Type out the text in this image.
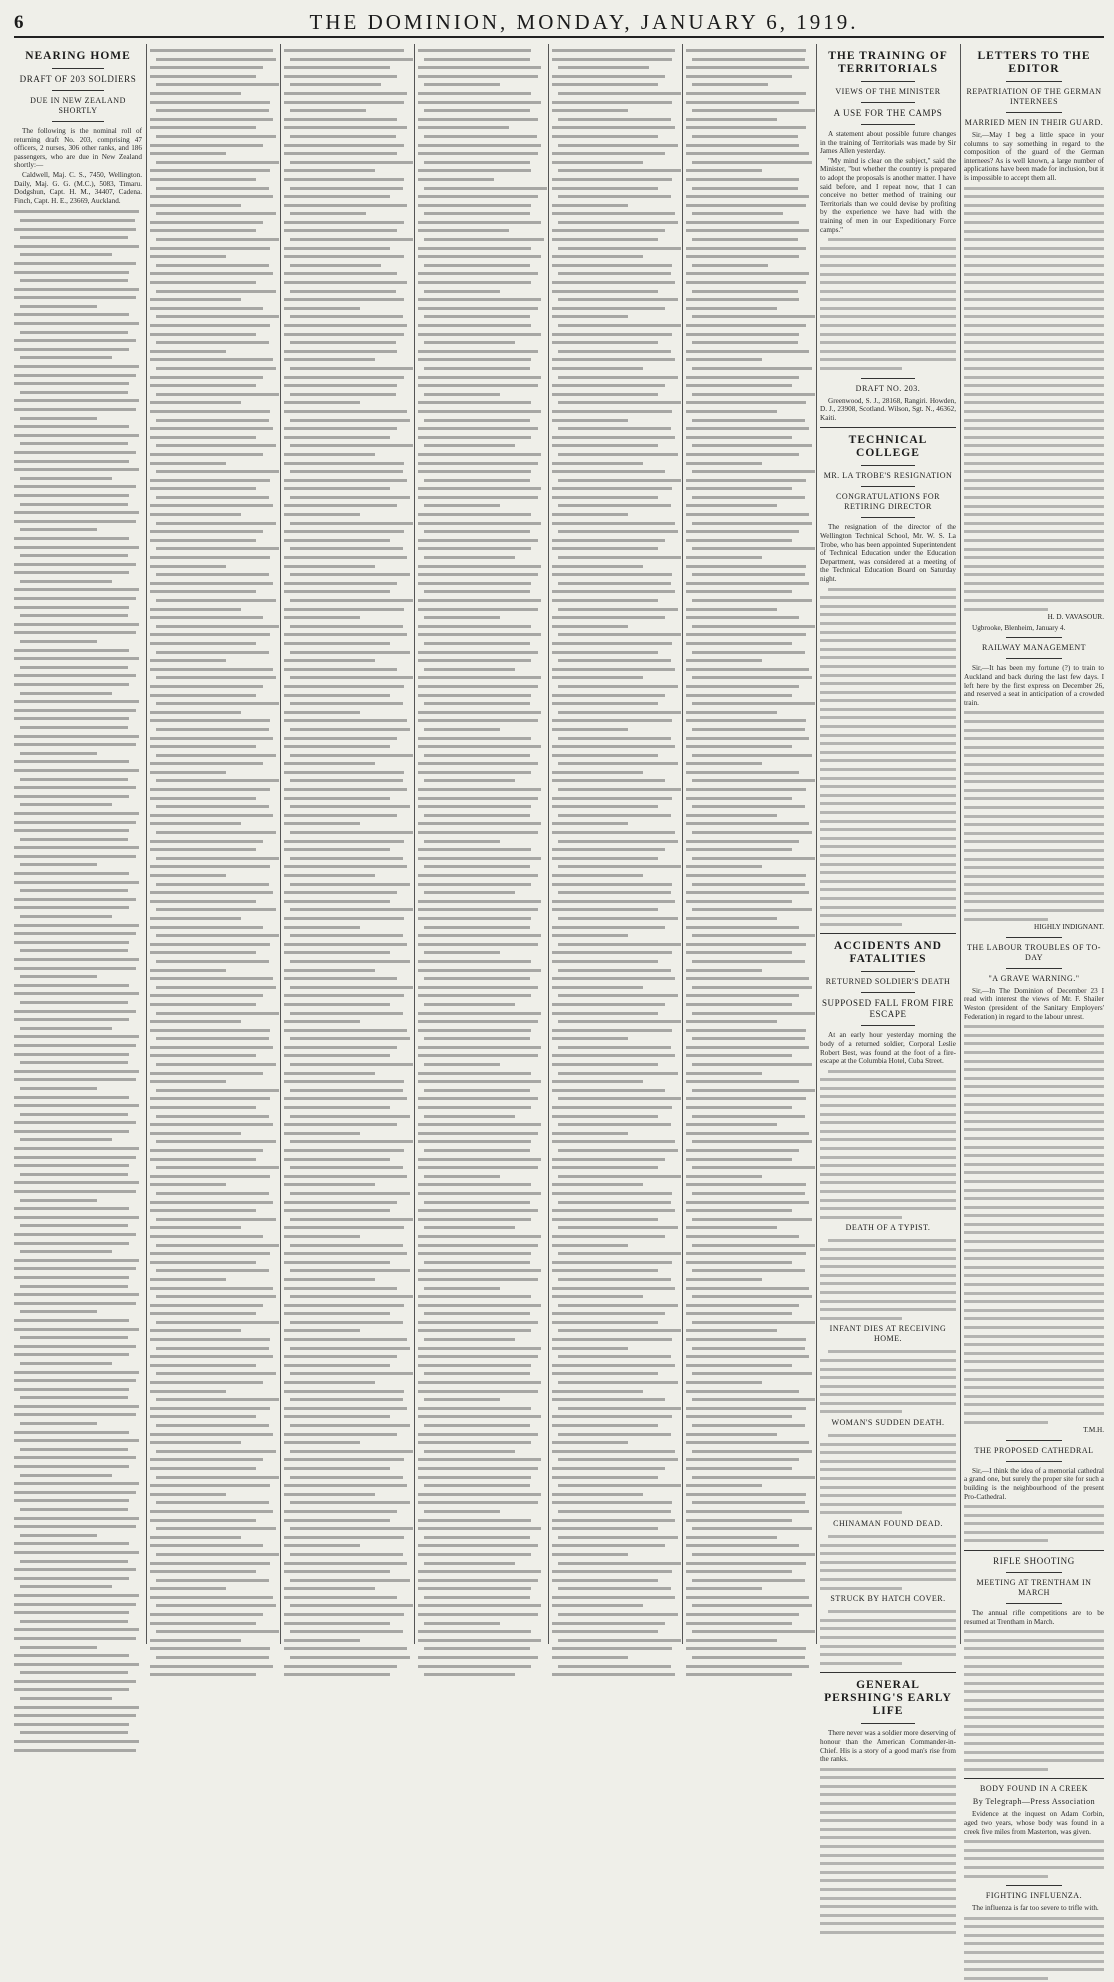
6	THE DOMINION, MONDAY, JANUARY 6, 1919.
NEARING HOME
DRAFT OF 203 SOLDIERS
DUE IN NEW ZEALAND SHORTLY
The following is the nominal roll of returning draft No. 203, comprising 47 officers, 2 nurses, 306 other ranks, and 186 passengers, who are due in New Zealand shortly:—
Caldwell, Maj. C. S., 7450, Wellington. Daily, Maj. G. G. (M.C.), 5083, Timaru. Dodgshun, Capt. H. M., 34407, Cadena. Finch, Capt. H. E., 23669, Auckland.
THE TRAINING OF TERRITORIALS
VIEWS OF THE MINISTER
A USE FOR THE CAMPS
A statement about possible future changes in the training of Territorials was made by Sir James Allen yesterday.
"My mind is clear on the subject," said the Minister, "but whether the country is prepared to adopt the proposals is another matter. I have said before, and I repeat now, that I can conceive no better method of training our Territorials than we could devise by profiting by the experience we have had with the training of men in our Expeditionary Force camps."
DRAFT NO. 203.
Greenwood, S. J., 28168, Rangiri. Howden, D. J., 23908, Scotland. Wilson, Sgt. N., 46362, Kaiti.
TECHNICAL COLLEGE
MR. LA TROBE'S RESIGNATION
CONGRATULATIONS FOR RETIRING DIRECTOR
The resignation of the director of the Wellington Technical School, Mr. W. S. La Trobe, who has been appointed Superintendent of Technical Education under the Education Department, was considered at a meeting of the Technical Education Board on Saturday night.
ACCIDENTS AND FATALITIES
RETURNED SOLDIER'S DEATH
SUPPOSED FALL FROM FIRE ESCAPE
At an early hour yesterday morning the body of a returned soldier, Corporal Leslie Robert Best, was found at the foot of a fire-escape at the Columbia Hotel, Cuba Street.
DEATH OF A TYPIST.
INFANT DIES AT RECEIVING HOME.
WOMAN'S SUDDEN DEATH.
CHINAMAN FOUND DEAD.
STRUCK BY HATCH COVER.
GENERAL PERSHING'S EARLY LIFE
There never was a soldier more deserving of honour than the American Commander-in-Chief. His is a story of a good man's rise from the ranks.
LETTERS TO THE EDITOR
REPATRIATION OF THE GERMAN INTERNEES
MARRIED MEN IN THEIR GUARD.
Sir,—May I beg a little space in your columns to say something in regard to the composition of the guard of the German internees? As is well known, a large number of applications have been made for inclusion, but it is impossible to accept them all.
H. D. VAVASOUR.
Ugbrooke, Blenheim, January 4.
RAILWAY MANAGEMENT
Sir,—It has been my fortune (?) to train to Auckland and back during the last few days. I left here by the first express on December 26, and reserved a seat in anticipation of a crowded train.
HIGHLY INDIGNANT.
THE LABOUR TROUBLES OF TO-DAY
"A GRAVE WARNING."
Sir,—In The Dominion of December 23 I read with interest the views of Mr. F. Shailer Weston (president of the Sanitary Employers' Federation) in regard to the labour unrest.
T.M.H.
THE PROPOSED CATHEDRAL
Sir,—I think the idea of a memorial cathedral a grand one, but surely the proper site for such a building is the neighbourhood of the present Pro-Cathedral.
RIFLE SHOOTING
MEETING AT TRENTHAM IN MARCH
The annual rifle competitions are to be resumed at Trentham in March.
BODY FOUND IN A CREEK
By Telegraph—Press Association
Evidence at the inquest on Adam Corbin, aged two years, whose body was found in a creek five miles from Masterton, was given.
FIGHTING INFLUENZA.
The influenza is far too severe to trifle with.
